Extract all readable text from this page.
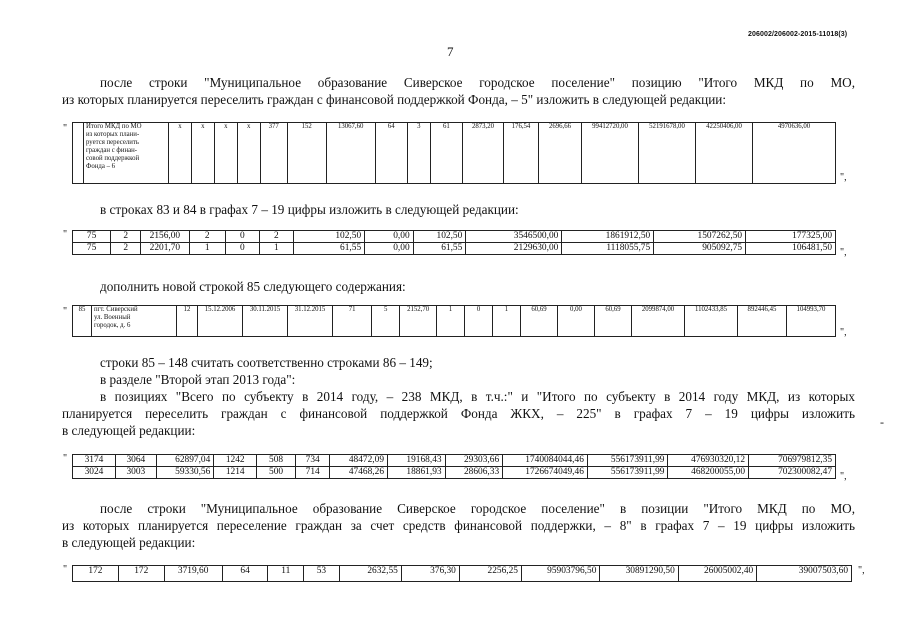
206002/206002-2015-11018(3)
7
после строки "Муниципальное образование Сиверское городское поселение" позицию "Итого МКД по МО,
из которых планируется переселить граждан с финансовой поддержкой Фонда, – 5" изложить в следующей редакции:
"
		Итого МКД по МО
из которых плани-
руется переселить
граждан с финан-
совой поддержкой
Фонда – 6
	x	x	x	x	377	152	13067,60	64	3	61	2873,20	176,54	2696,66	99412720,00	52191678,00	42250406,00	4970636,00
",
в строках 83 и 84 в графах 7 – 19 цифры изложить в следующей редакции:
" 75	2	2156,00	2	0	2	102,50	0,00	102,50	3546500,00	1861912,50	1507262,50	177325,00
75	2	2201,70	1	0	1	61,55	0,00	61,55	2129630,00	1118055,75	905092,75	106481,50 ",
дополнить новой строкой 85 следующего содержания:
" 85	пгт. Сиверский
ул. Военный
городок, д. 6
	12	15.12.2006	30.11.2015	31.12.2015	71	5	2152,70	1	0	1	60,69	0,00	60,69	2099874,00	1102433,85	892446,45	104993,70
",
строки 85 – 148 считать соответственно строками 86 – 149;
в разделе "Второй этап 2013 года":
в позициях "Всего по субъекту в 2014 году, – 238 МКД, в т.ч.:" и "Итого по субъекту в 2014 году МКД, из которых
планируется переселить граждан с финансовой поддержкой Фонда ЖКХ, – 225" в графах 7 – 19 цифры изложить
в следующей редакции:
-
" 3174	3064	62897,04	1242	508	734	48472,09	19168,43	29303,66	1740084044,46	556173911,99	476930320,12	706979812,35
3024	3003	59330,56	1214	500	714	47468,26	18861,93	28606,33	1726674049,46	556173911,99	468200055,00	702300082,47 ",
после строки "Муниципальное образование Сиверское городское поселение" в позиции "Итого МКД по МО,
из которых планируется переселение граждан за счет средств финансовой поддержки, – 8" в графах 7 – 19 цифры изложить
в следующей редакции:
" 172	172	3719,60	64	11	53	2632,55	376,30	2256,25	95903796,50	30891290,50	26005002,40	39007503,60 ",
